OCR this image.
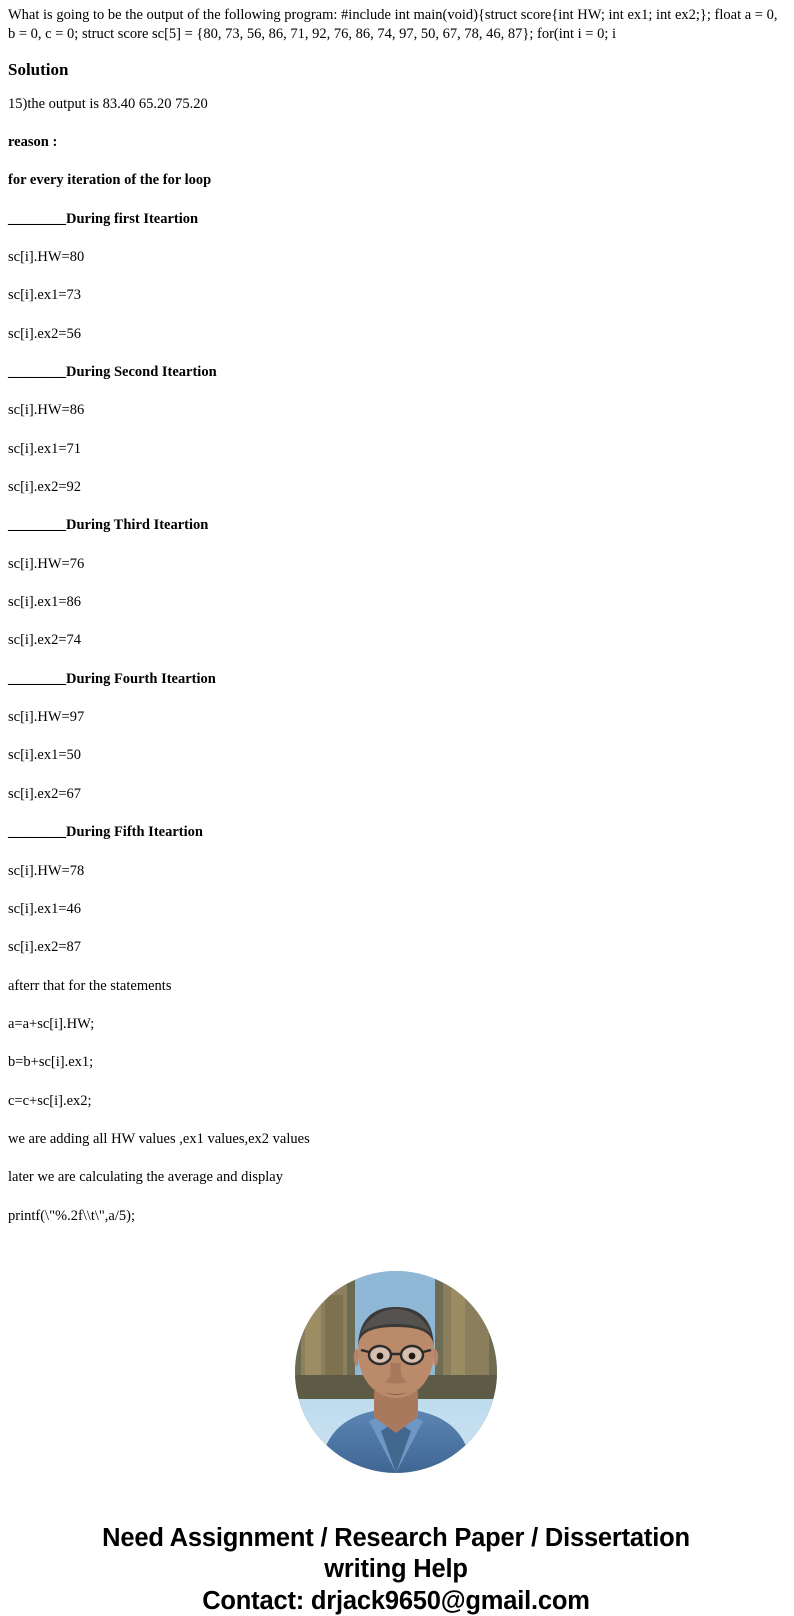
What is going to be the output of the following program: #include int main(void){struct score{int HW; int ex1; int ex2;}; float a = 0, b = 0, c = 0; struct score sc[5] = {80, 73, 56, 86, 71, 92, 76, 86, 74, 97, 50, 67, 78, 46, 87}; for(int i = 0; i

Solution

15)the output is 83.40 65.20 75.20

reason :

for every iteration of the for loop

________During first Iteartion

sc[i].HW=80

sc[i].ex1=73

sc[i].ex2=56

________During Second Iteartion

sc[i].HW=86

sc[i].ex1=71

sc[i].ex2=92

________During Third Iteartion

sc[i].HW=76

sc[i].ex1=86

sc[i].ex2=74

________During Fourth Iteartion

sc[i].HW=97

sc[i].ex1=50

sc[i].ex2=67

________During Fifth Iteartion

sc[i].HW=78

sc[i].ex1=46

sc[i].ex2=87

afterr that for the statements

a=a+sc[i].HW;

b=b+sc[i].ex1;

c=c+sc[i].ex2;

we are adding all HW values ,ex1 values,ex2 values

later we are calculating the average and display

printf(\"%.2f\\t\",a/5);

Need Assignment / Research Paper / Dissertation
writing Help
Contact: drjack9650@gmail.com
